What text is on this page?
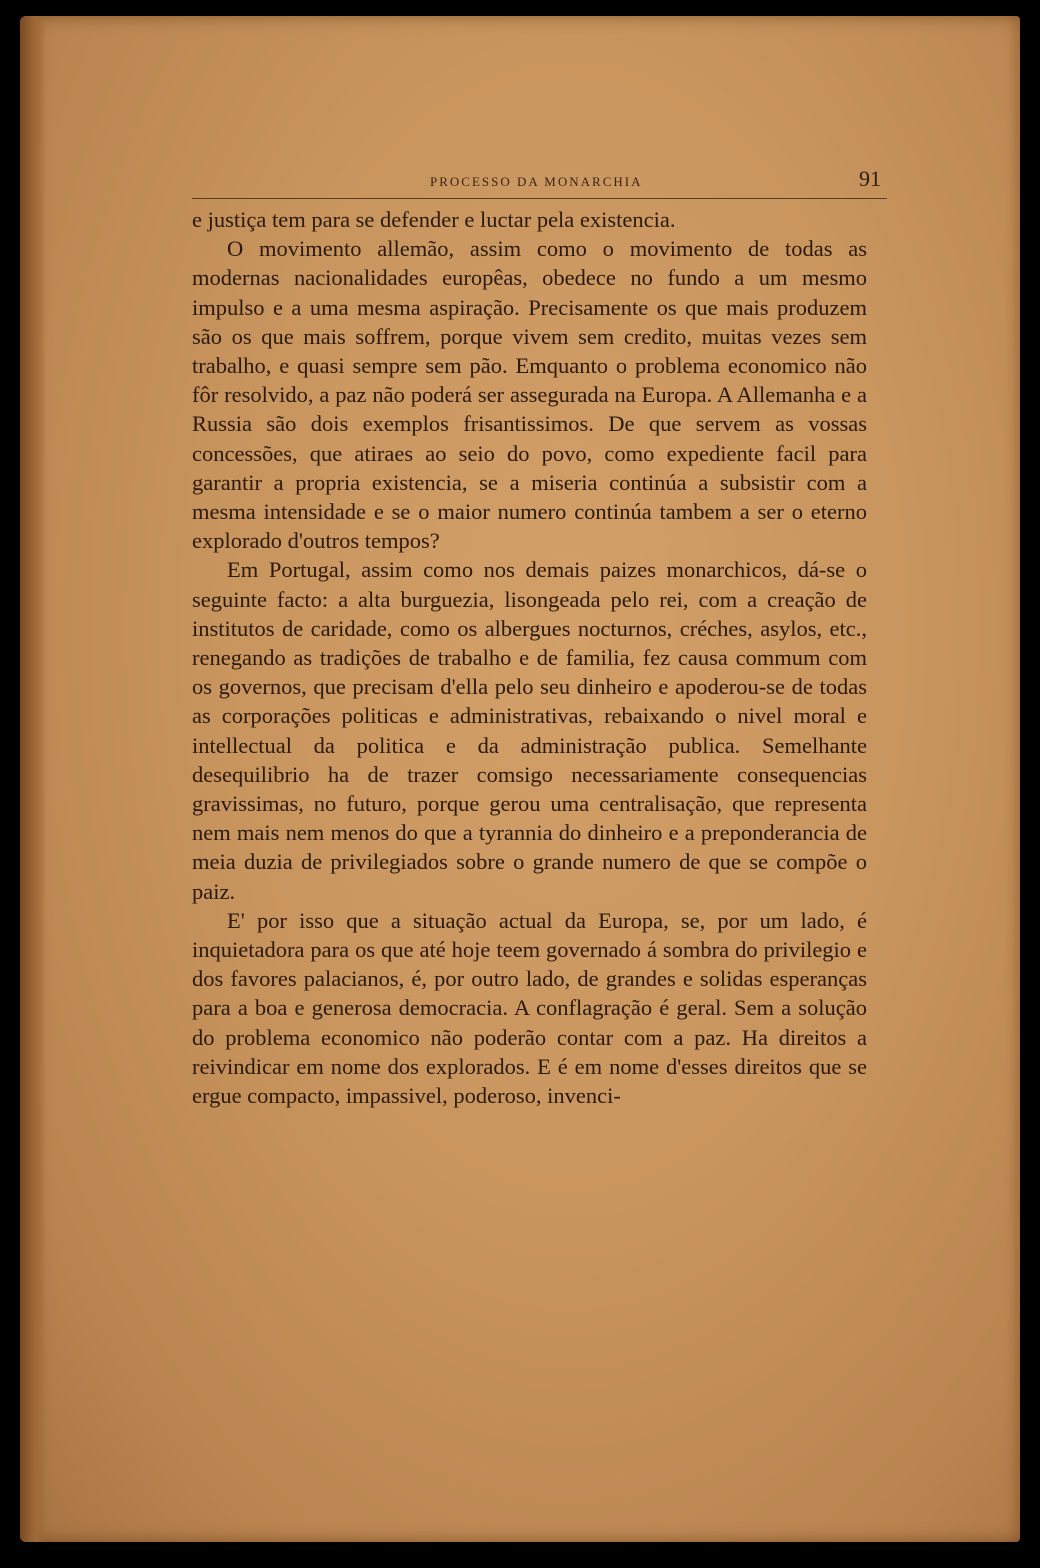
PROCESSO DA MONARCHIA	91

e justiça tem para se defender e luctar pela existencia.

O movimento allemão, assim como o movimento de todas as modernas nacionalidades europêas, obedece no fundo a um mesmo impulso e a uma mesma aspiração. Precisamente os que mais produzem são os que mais soffrem, porque vivem sem credito, muitas vezes sem trabalho, e quasi sempre sem pão. Emquanto o problema economico não fôr resolvido, a paz não poderá ser assegurada na Europa. A Allemanha e a Russia são dois exemplos frisantissimos. De que servem as vossas concessões, que atiraes ao seio do povo, como expediente facil para garantir a propria existencia, se a miseria continúa a subsistir com a mesma intensidade e se o maior numero continúa tambem a ser o eterno explorado d'outros tempos?

Em Portugal, assim como nos demais paizes monarchicos, dá-se o seguinte facto: a alta burguezia, lisongeada pelo rei, com a creação de institutos de caridade, como os albergues nocturnos, créches, asylos, etc., renegando as tradições de trabalho e de familia, fez causa commum com os governos, que precisam d'ella pelo seu dinheiro e apoderou-se de todas as corporações politicas e administrativas, rebaixando o nivel moral e intellectual da politica e da administração publica. Semelhante desequilibrio ha de trazer comsigo necessariamente consequencias gravissimas, no futuro, porque gerou uma centralisação, que representa nem mais nem menos do que a tyrannia do dinheiro e a preponderancia de meia duzia de privilegiados sobre o grande numero de que se compõe o paiz.

E' por isso que a situação actual da Europa, se, por um lado, é inquietadora para os que até hoje teem governado á sombra do privilegio e dos favores palacianos, é, por outro lado, de grandes e solidas esperanças para a boa e generosa democracia. A conflagração é geral. Sem a solução do problema economico não poderão contar com a paz. Ha direitos a reivindicar em nome dos explorados. E é em nome d'esses direitos que se ergue compacto, impassivel, poderoso, invenci-
